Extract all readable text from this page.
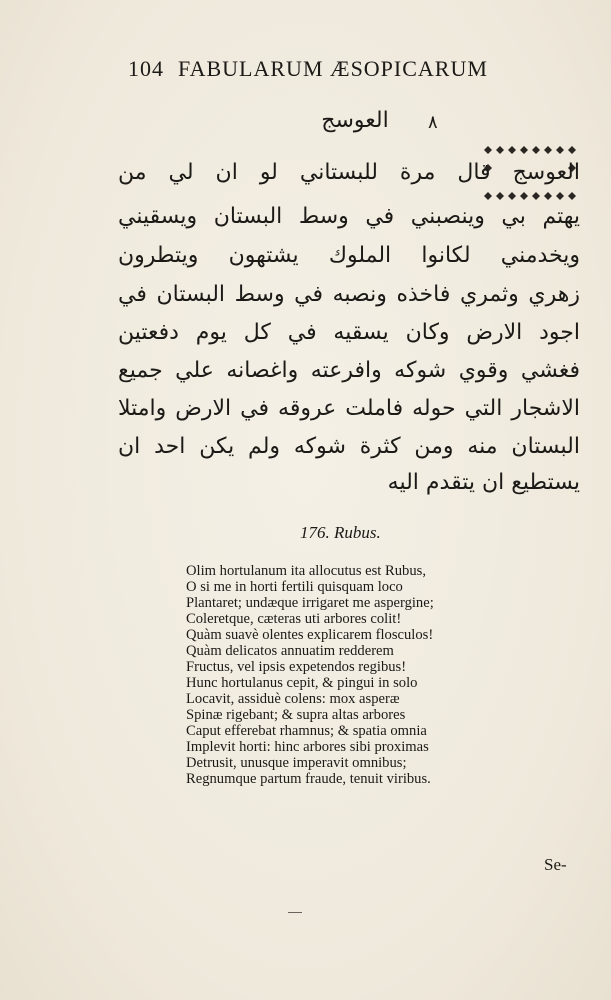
104 FABULARUM ÆSOPICARUM
العوسج	٨
العوسج قال مرة للبستاني لو ان لي من
يهتم بي وينصبني في وسط البستان ويسقيني
ويخدمني لكانوا الملوك يشتهون ويتطرون
زهري وثمري فاخذه ونصبه في وسط البستان في
اجود الارض وكان يسقيه في كل يوم دفعتين
فغشي وقوي شوكه وافرعته واغصانه علي جميع
الاشجار التي حوله فاملت عروقه في الارض وامتلا
البستان منه ومن كثرة شوكه ولم يكن احد ان
يستطيع ان يتقدم اليه
176. Rubus.
Olim hortulanum ita allocutus est Rubus,
O si me in horti fertili quisquam loco
Plantaret; undæque irrigaret me aspergine;
Coleretque, cæteras uti arbores colit!
Quàm suavè olentes explicarem flosculos!
Quàm delicatos annuatim redderem
Fructus, vel ipsis expetendos regibus!
Hunc hortulanus cepit, & pingui in solo
Locavit, assiduè colens: mox asperæ
Spinæ rigebant; & supra altas arbores
Caput efferebat rhamnus; & spatia omnia
Implevit horti: hinc arbores sibi proximas
Detrusit, unusque imperavit omnibus;
Regnumque partum fraude, tenuit viribus.
Se-
